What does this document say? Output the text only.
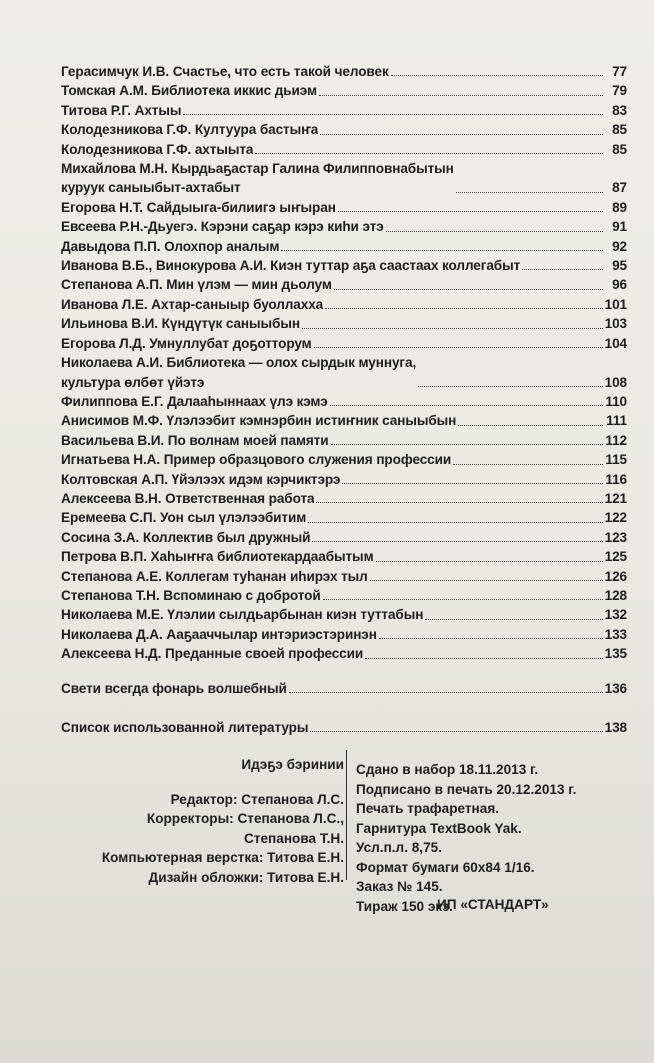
Герасимчук И.В. Счастье, что есть такой человек	77
Томская А.М. Библиотека иккис дьиэм	79
Титова Р.Г. Ахтыы	83
Колодезникова Г.Ф. Култуура бастыҥа	85
Колодезникова Г.Ф. ахтыыта	85
Михайлова М.Н. Кырдьаҕастар Галина Филипповнабытын
куруук саныыбыт-ахтабыт	87
Егорова Н.Т. Сайдыыга-билиигэ ыҥыран	89
Евсеева Р.Н.-Дьуегэ. Кэрэни саҕар кэрэ киһи этэ	91
Давыдова П.П. Олохпор аналым	92
Иванова В.Б., Винокурова А.И. Киэн туттар аҕа саастаах коллегабыт	95
Степанова А.П. Мин үлэм — мин дьолум	96
Иванова Л.Е. Ахтар-саныыр буоллахха	101
Ильинова В.И. Күндүтүк саныыбын	103
Егорова Л.Д. Умнуллубат доҕотторум	104
Николаева А.И. Библиотека — олох сырдык муннуга,
культура өлбөт үйэтэ	108
Филиппова Е.Г. Далааһыннаах үлэ кэмэ	110
Анисимов М.Ф. Үлэлээбит кэмнэрбин истиҥник саныыбын	111
Васильева В.И. По волнам моей памяти	112
Игнатьева Н.А. Пример образцового служения профессии	115
Колтовская А.П. Үйэлээх идэм кэрчиктэрэ	116
Алексеева В.Н. Ответственная работа	121
Еремеева С.П. Уон сыл үлэлээбитим	122
Сосина З.А. Коллектив был дружный	123
Петрова В.П. Хаһыҥҥа библиотекардаабытым	125
Степанова А.Е. Коллегам туһанан иһирэх тыл	126
Степанова Т.Н. Вспоминаю с добротой	128
Николаева М.Е. Үлэлии сылдьарбынан киэн туттабын	132
Николаева Д.А. Ааҕааччылар интэриэстэринэн	133
Алексеева Н.Д. Преданные своей профессии	135
Свети всегда фонарь волшебный	136
Список использованной литературы	138
Идэҕэ бэринии
Редактор: Степанова Л.С.
Корректоры: Степанова Л.С.,
Степанова Т.Н.
Компьютерная верстка: Титова Е.Н.
Дизайн обложки: Титова Е.Н.
Сдано в набор 18.11.2013 г.
Подписано в печать 20.12.2013 г.
Печать трафаретная.
Гарнитура TextBook Yak.
Усл.п.л. 8,75.
Формат бумаги 60х84 1/16.
Заказ № 145.
Тираж 150 экз.
ИП «СТАНДАРТ»
